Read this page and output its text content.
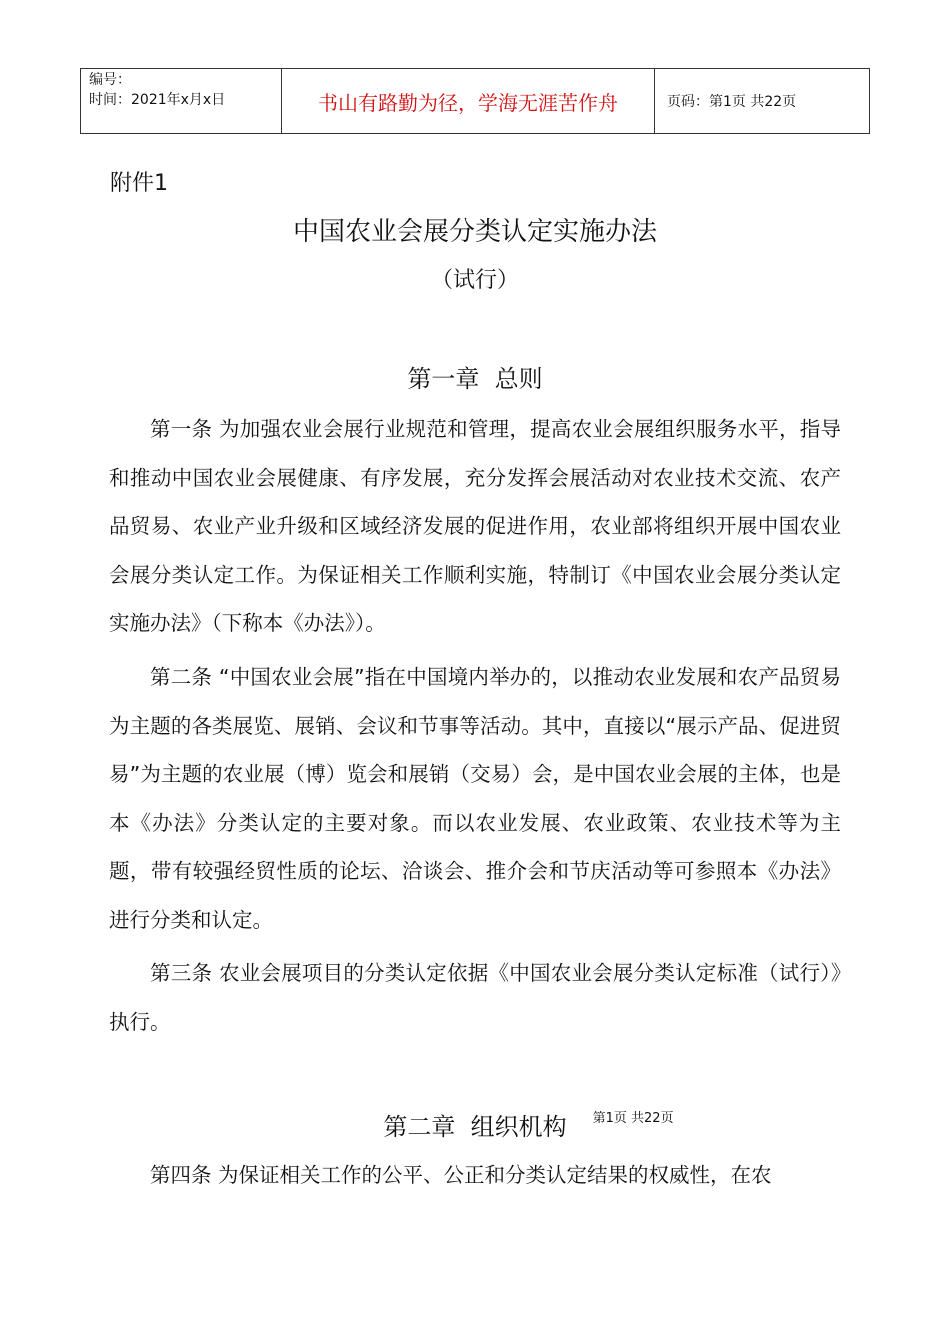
编号：
时间：2021年x月x日	书山有路勤为径，学海无涯苦作舟	页码：第1页 共22页
附件1
中国农业会展分类认定实施办法
（试行）
第一章  总则
第一条 为加强农业会展行业规范和管理，提高农业会展组织服务水平，指导和推动中国农业会展健康、有序发展，充分发挥会展活动对农业技术交流、农产品贸易、农业产业升级和区域经济发展的促进作用，农业部将组织开展中国农业会展分类认定工作。为保证相关工作顺利实施，特制订《中国农业会展分类认定实施办法》（下称本《办法》）。
第二条 “中国农业会展”指在中国境内举办的，以推动农业发展和农产品贸易为主题的各类展览、展销、会议和节事等活动。其中，直接以“展示产品、促进贸易”为主题的农业展（博）览会和展销（交易）会，是中国农业会展的主体，也是本《办法》分类认定的主要对象。而以农业发展、农业政策、农业技术等为主题，带有较强经贸性质的论坛、洽谈会、推介会和节庆活动等可参照本《办法》进行分类和认定。
第三条 农业会展项目的分类认定依据《中国农业会展分类认定标准（试行）》执行。
第二章  组织机构 第1页 共22页
第四条 为保证相关工作的公平、公正和分类认定结果的权威性，在农
